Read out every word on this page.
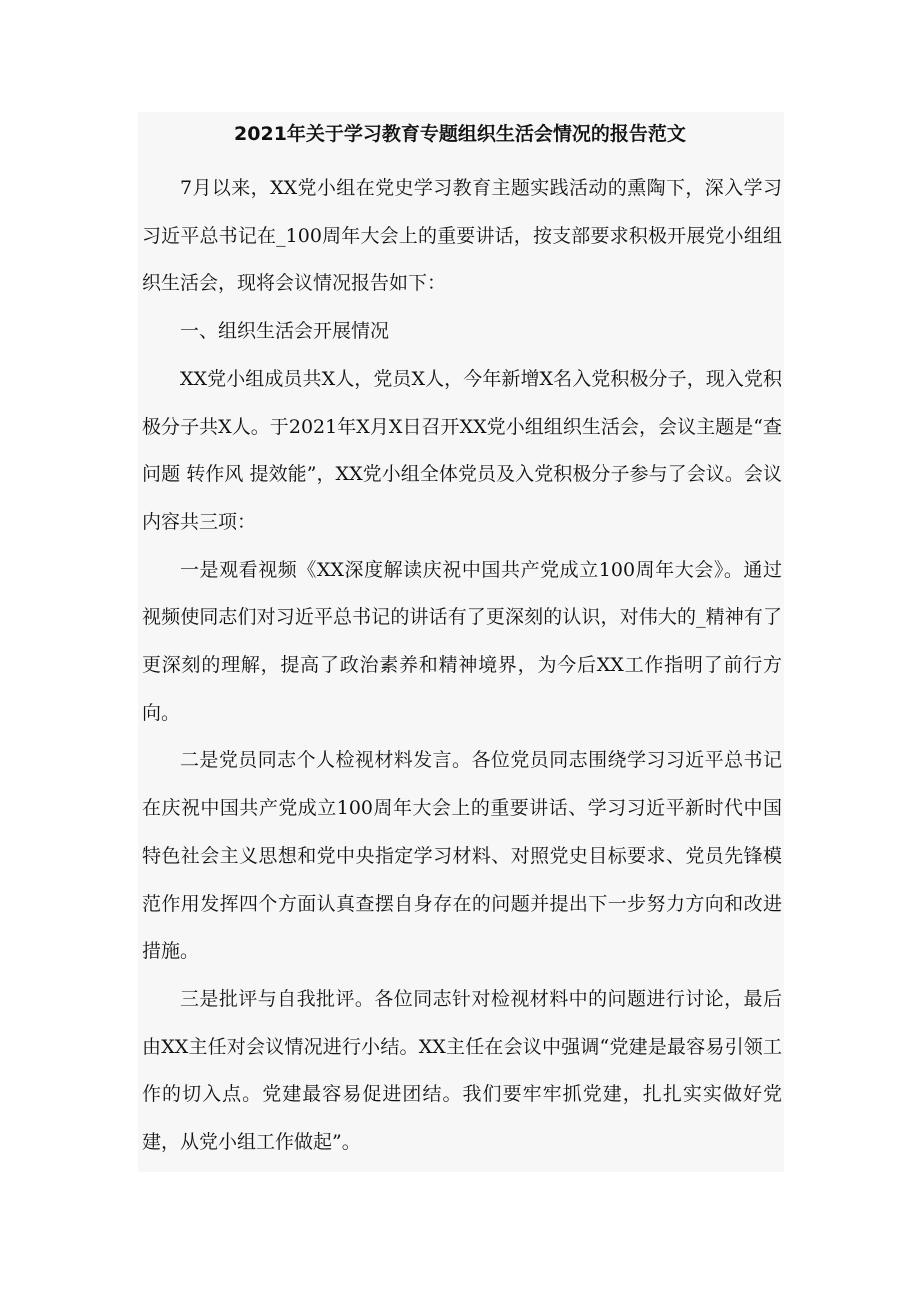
2021年关于学习教育专题组织生活会情况的报告范文

7月以来，XX党小组在党史学习教育主题实践活动的熏陶下，深入学习习近平总书记在_100周年大会上的重要讲话，按支部要求积极开展党小组组织生活会，现将会议情况报告如下：

一、组织生活会开展情况

XX党小组成员共X人，党员X人，今年新增X名入党积极分子，现入党积极分子共X人。于2021年X月X日召开XX党小组组织生活会，会议主题是“查问题 转作风 提效能”，XX党小组全体党员及入党积极分子参与了会议。会议内容共三项：

一是观看视频《XX深度解读庆祝中国共产党成立100周年大会》。通过视频使同志们对习近平总书记的讲话有了更深刻的认识，对伟大的_精神有了更深刻的理解，提高了政治素养和精神境界，为今后XX工作指明了前行方向。

二是党员同志个人检视材料发言。各位党员同志围绕学习习近平总书记在庆祝中国共产党成立100周年大会上的重要讲话、学习习近平新时代中国特色社会主义思想和党中央指定学习材料、对照党史目标要求、党员先锋模范作用发挥四个方面认真查摆自身存在的问题并提出下一步努力方向和改进措施。

三是批评与自我批评。各位同志针对检视材料中的问题进行讨论，最后由XX主任对会议情况进行小结。XX主任在会议中强调“党建是最容易引领工作的切入点。党建最容易促进团结。我们要牢牢抓党建，扎扎实实做好党建，从党小组工作做起”。
